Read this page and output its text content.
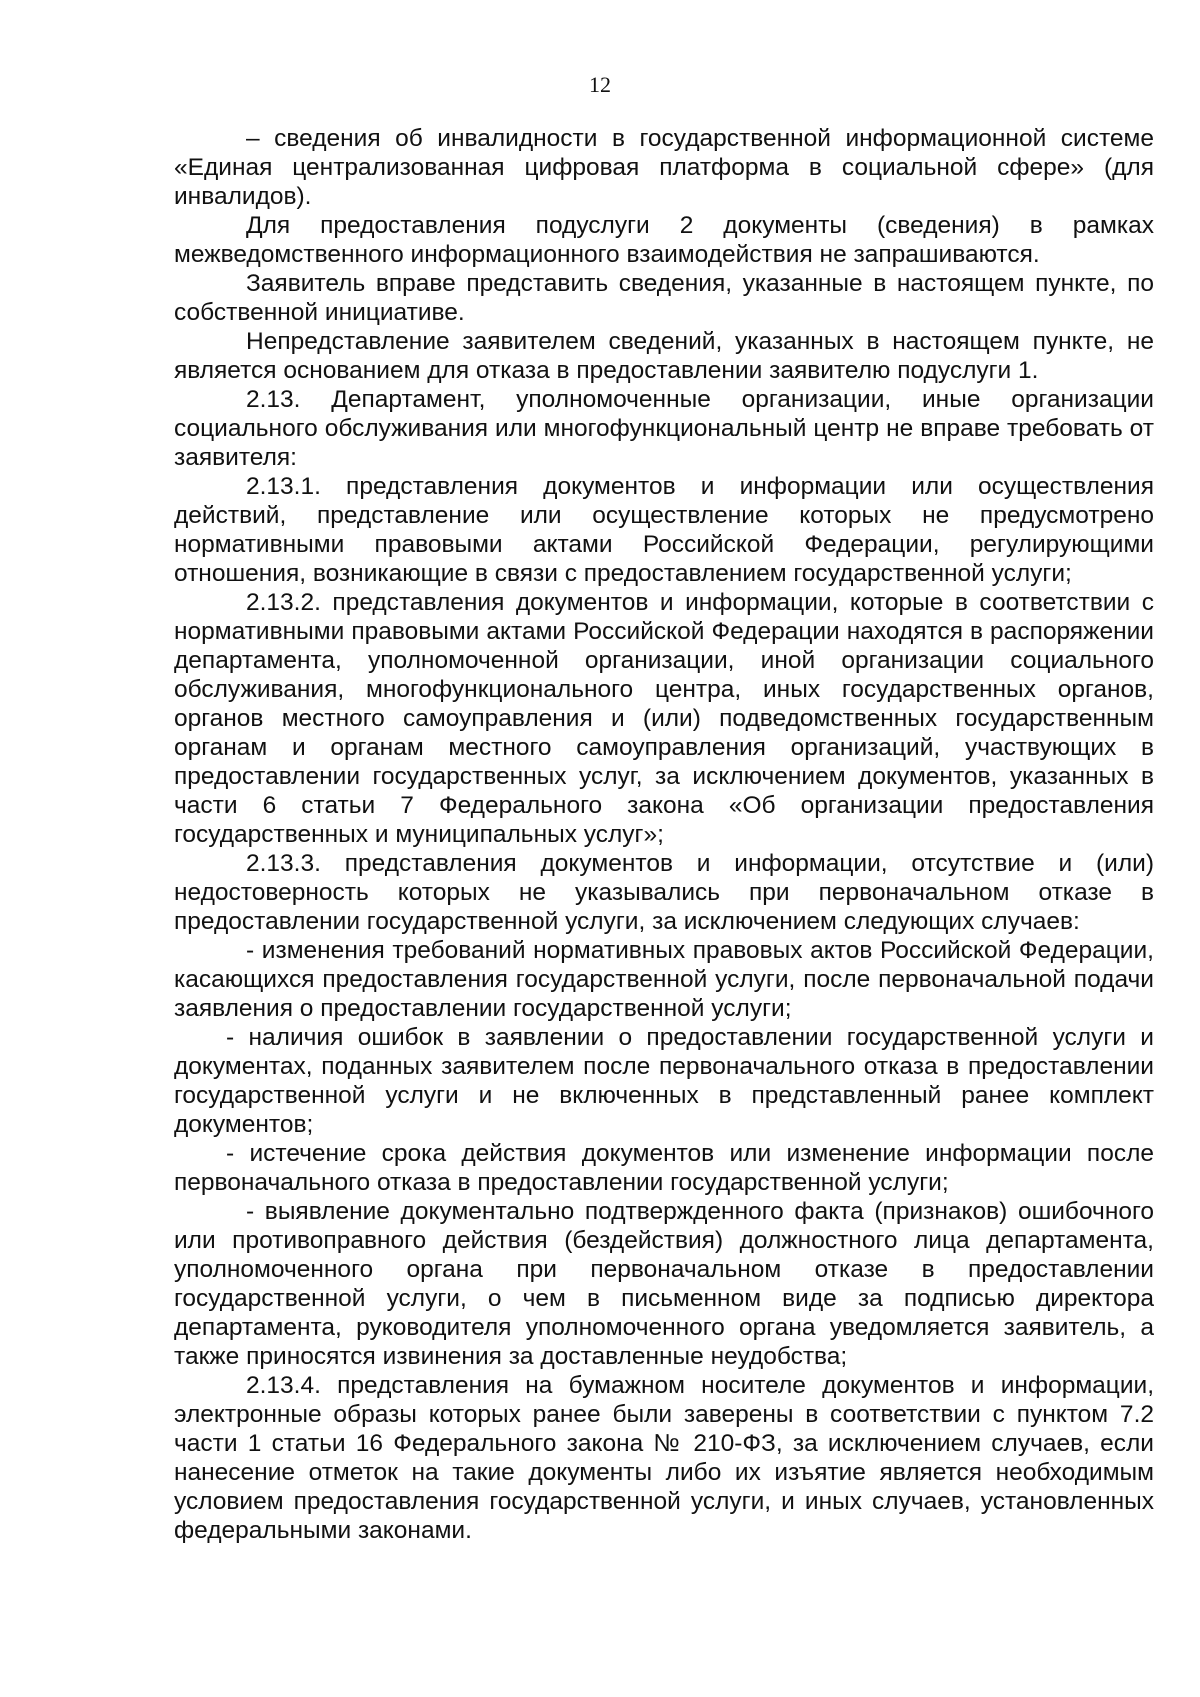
12

– сведения об инвалидности в государственной информационной системе «Единая централизованная цифровая платформа в социальной сфере» (для инвалидов).

Для предоставления подуслуги 2 документы (сведения) в рамках межведомственного информационного взаимодействия не запрашиваются.

Заявитель вправе представить сведения, указанные в настоящем пункте, по собственной инициативе.

Непредставление заявителем сведений, указанных в настоящем пункте, не является основанием для отказа в предоставлении заявителю подуслуги 1.

2.13. Департамент, уполномоченные организации, иные организации социального обслуживания или многофункциональный центр не вправе требовать от заявителя:

2.13.1. представления документов и информации или осуществления действий, представление или осуществление которых не предусмотрено нормативными правовыми актами Российской Федерации, регулирующими отношения, возникающие в связи с предоставлением государственной услуги;

2.13.2. представления документов и информации, которые в соответствии с нормативными правовыми актами Российской Федерации находятся в распоряжении департамента, уполномоченной организации, иной организации социального обслуживания, многофункционального центра, иных государственных органов, органов местного самоуправления и (или) подведомственных государственным органам и органам местного самоуправления организаций, участвующих в предоставлении государственных услуг, за исключением документов, указанных в части 6 статьи 7 Федерального закона «Об организации предоставления государственных и муниципальных услуг»;

2.13.3. представления документов и информации, отсутствие и (или) недостоверность которых не указывались при первоначальном отказе в предоставлении государственной услуги, за исключением следующих случаев:

- изменения требований нормативных правовых актов Российской Федерации, касающихся предоставления государственной услуги, после первоначальной подачи заявления о предоставлении государственной услуги;

- наличия ошибок в заявлении о предоставлении государственной услуги и документах, поданных заявителем после первоначального отказа в предоставлении государственной услуги и не включенных в представленный ранее комплект документов;

- истечение срока действия документов или изменение информации после первоначального отказа в предоставлении государственной услуги;

- выявление документально подтвержденного факта (признаков) ошибочного или противоправного действия (бездействия) должностного лица департамента, уполномоченного органа при первоначальном отказе в предоставлении государственной услуги, о чем в письменном виде за подписью директора департамента, руководителя уполномоченного органа уведомляется заявитель, а также приносятся извинения за доставленные неудобства;

2.13.4. представления на бумажном носителе документов и информации, электронные образы которых ранее были заверены в соответствии с пунктом 7.2 части 1 статьи 16 Федерального закона № 210-ФЗ, за исключением случаев, если нанесение отметок на такие документы либо их изъятие является необходимым условием предоставления государственной услуги, и иных случаев, установленных федеральными законами.
